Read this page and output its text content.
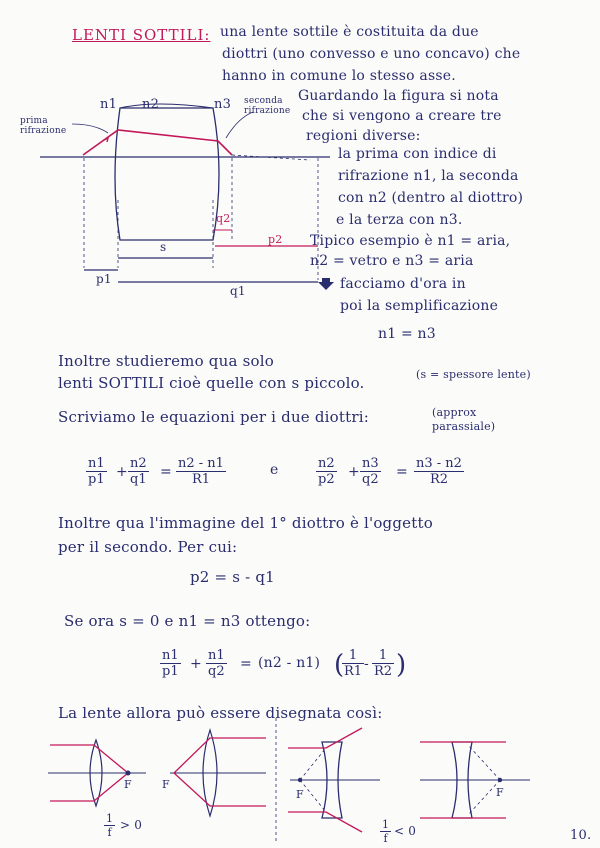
LENTI SOTTILI: una lente sottile è costituita da due
diottri (uno convesso e uno concavo) che
hanno in comune lo stesso asse.
Guardando la figura si nota
che si vengono a creare tre
regioni diverse:
n1 n2	n3
prima
rifrazione
seconda
rifrazione
s
p1
q1
q2
p2
la prima con indice di
rifrazione n1, la seconda
con n2 (dentro al diottro)
e la terza con n3.
Tipico esempio è n1 = aria,
n2 = vetro e n3 = aria
facciamo d'ora in
poi la semplificazione
n1 = n3
Inoltre studieremo qua solo
lenti SOTTILI cioè quelle con s piccolo.	(s = spessore lente)
Scriviamo le equazioni per i due diottri:	(approx parassiale)
$\frac{n1}{p1} + \frac{n2}{q1} = \frac{n2 - n1}{R1}$	e	$\frac{n2}{p2} + \frac{n3}{q2} = \frac{n3 - n2}{R2}$
Inoltre qua l'immagine del 1° diottro è l'oggetto
per il secondo. Per cui:
p2 = s - q1
Se ora s = 0 e n1 = n3 ottengo:
$\frac{n1}{p1} + \frac{n1}{q2} = (n2 - n1)$ (
$\frac{1}{R1} - \frac{1}{R2}$ )
La lente allora può essere disegnata così:
F	F
F	F
$\frac{1}{f} > 0$	$\frac{1}{f} < 0$	10.
